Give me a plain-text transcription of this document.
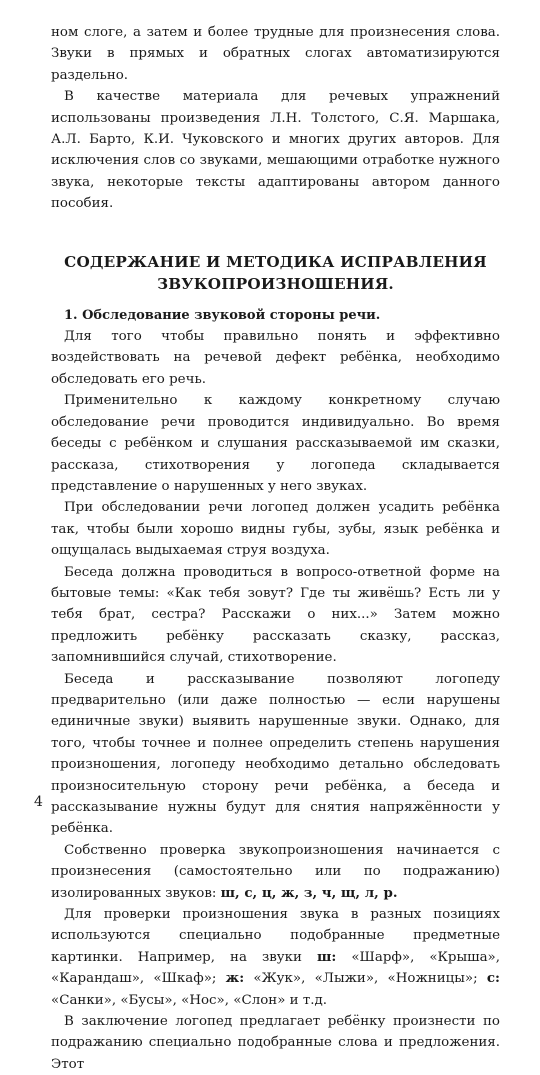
ном слоге, а затем и более трудные для произнесения слова. Звуки в прямых и обратных слогах автоматизируются раздельно.

В качестве материала для речевых упражнений использованы произведения Л.Н. Толстого, С.Я. Маршака, А.Л. Барто, К.И. Чуковского и многих других авторов. Для исключения слов со звуками, мешающими отработке нужного звука, некоторые тексты адаптированы автором данного пособия.

СОДЕРЖАНИЕ И МЕТОДИКА ИСПРАВЛЕНИЯ
ЗВУКОПРОИЗНОШЕНИЯ.

1. Обследование звуковой стороны речи.

Для того чтобы правильно понять и эффективно воздействовать на речевой дефект ребёнка, необходимо обследовать его речь.

Применительно к каждому конкретному случаю обследование речи проводится индивидуально. Во время беседы с ребёнком и слушания рассказываемой им сказки, рассказа, стихотворения у логопеда складывается представление о нарушенных у него звуках.

При обследовании речи логопед должен усадить ребёнка так, чтобы были хорошо видны губы, зубы, язык ребёнка и ощущалась выдыхаемая струя воздуха.

Беседа должна проводиться в вопросо-ответной форме на бытовые темы: «Как тебя зовут? Где ты живёшь? Есть ли у тебя брат, сестра? Расскажи о них...» Затем можно предложить ребёнку рассказать сказку, рассказ, запомнившийся случай, стихотворение.

Беседа и рассказывание позволяют логопеду предварительно (или даже полностью — если нарушены единичные звуки) выявить нарушенные звуки. Однако, для того, чтобы точнее и полнее определить степень нарушения произношения, логопеду необходимо детально обследовать произносительную сторону речи ребёнка, а беседа и рассказывание нужны будут для снятия напряжённости у ребёнка.

Собственно проверка звукопроизношения начинается с произнесения (самостоятельно или по подражанию) изолированных звуков: ш, с, ц, ж, з, ч, щ, л, р.

Для проверки произношения звука в разных позициях используются специально подобранные предметные картинки. Например, на звуки ш: «Шарф», «Крыша», «Карандаш», «Шкаф»; ж: «Жук», «Лыжи», «Ножницы»; с: «Санки», «Бусы», «Нос», «Слон» и т.д.

В заключение логопед предлагает ребёнку произнести по подражанию специально подобранные слова и предложения. Этот

4
